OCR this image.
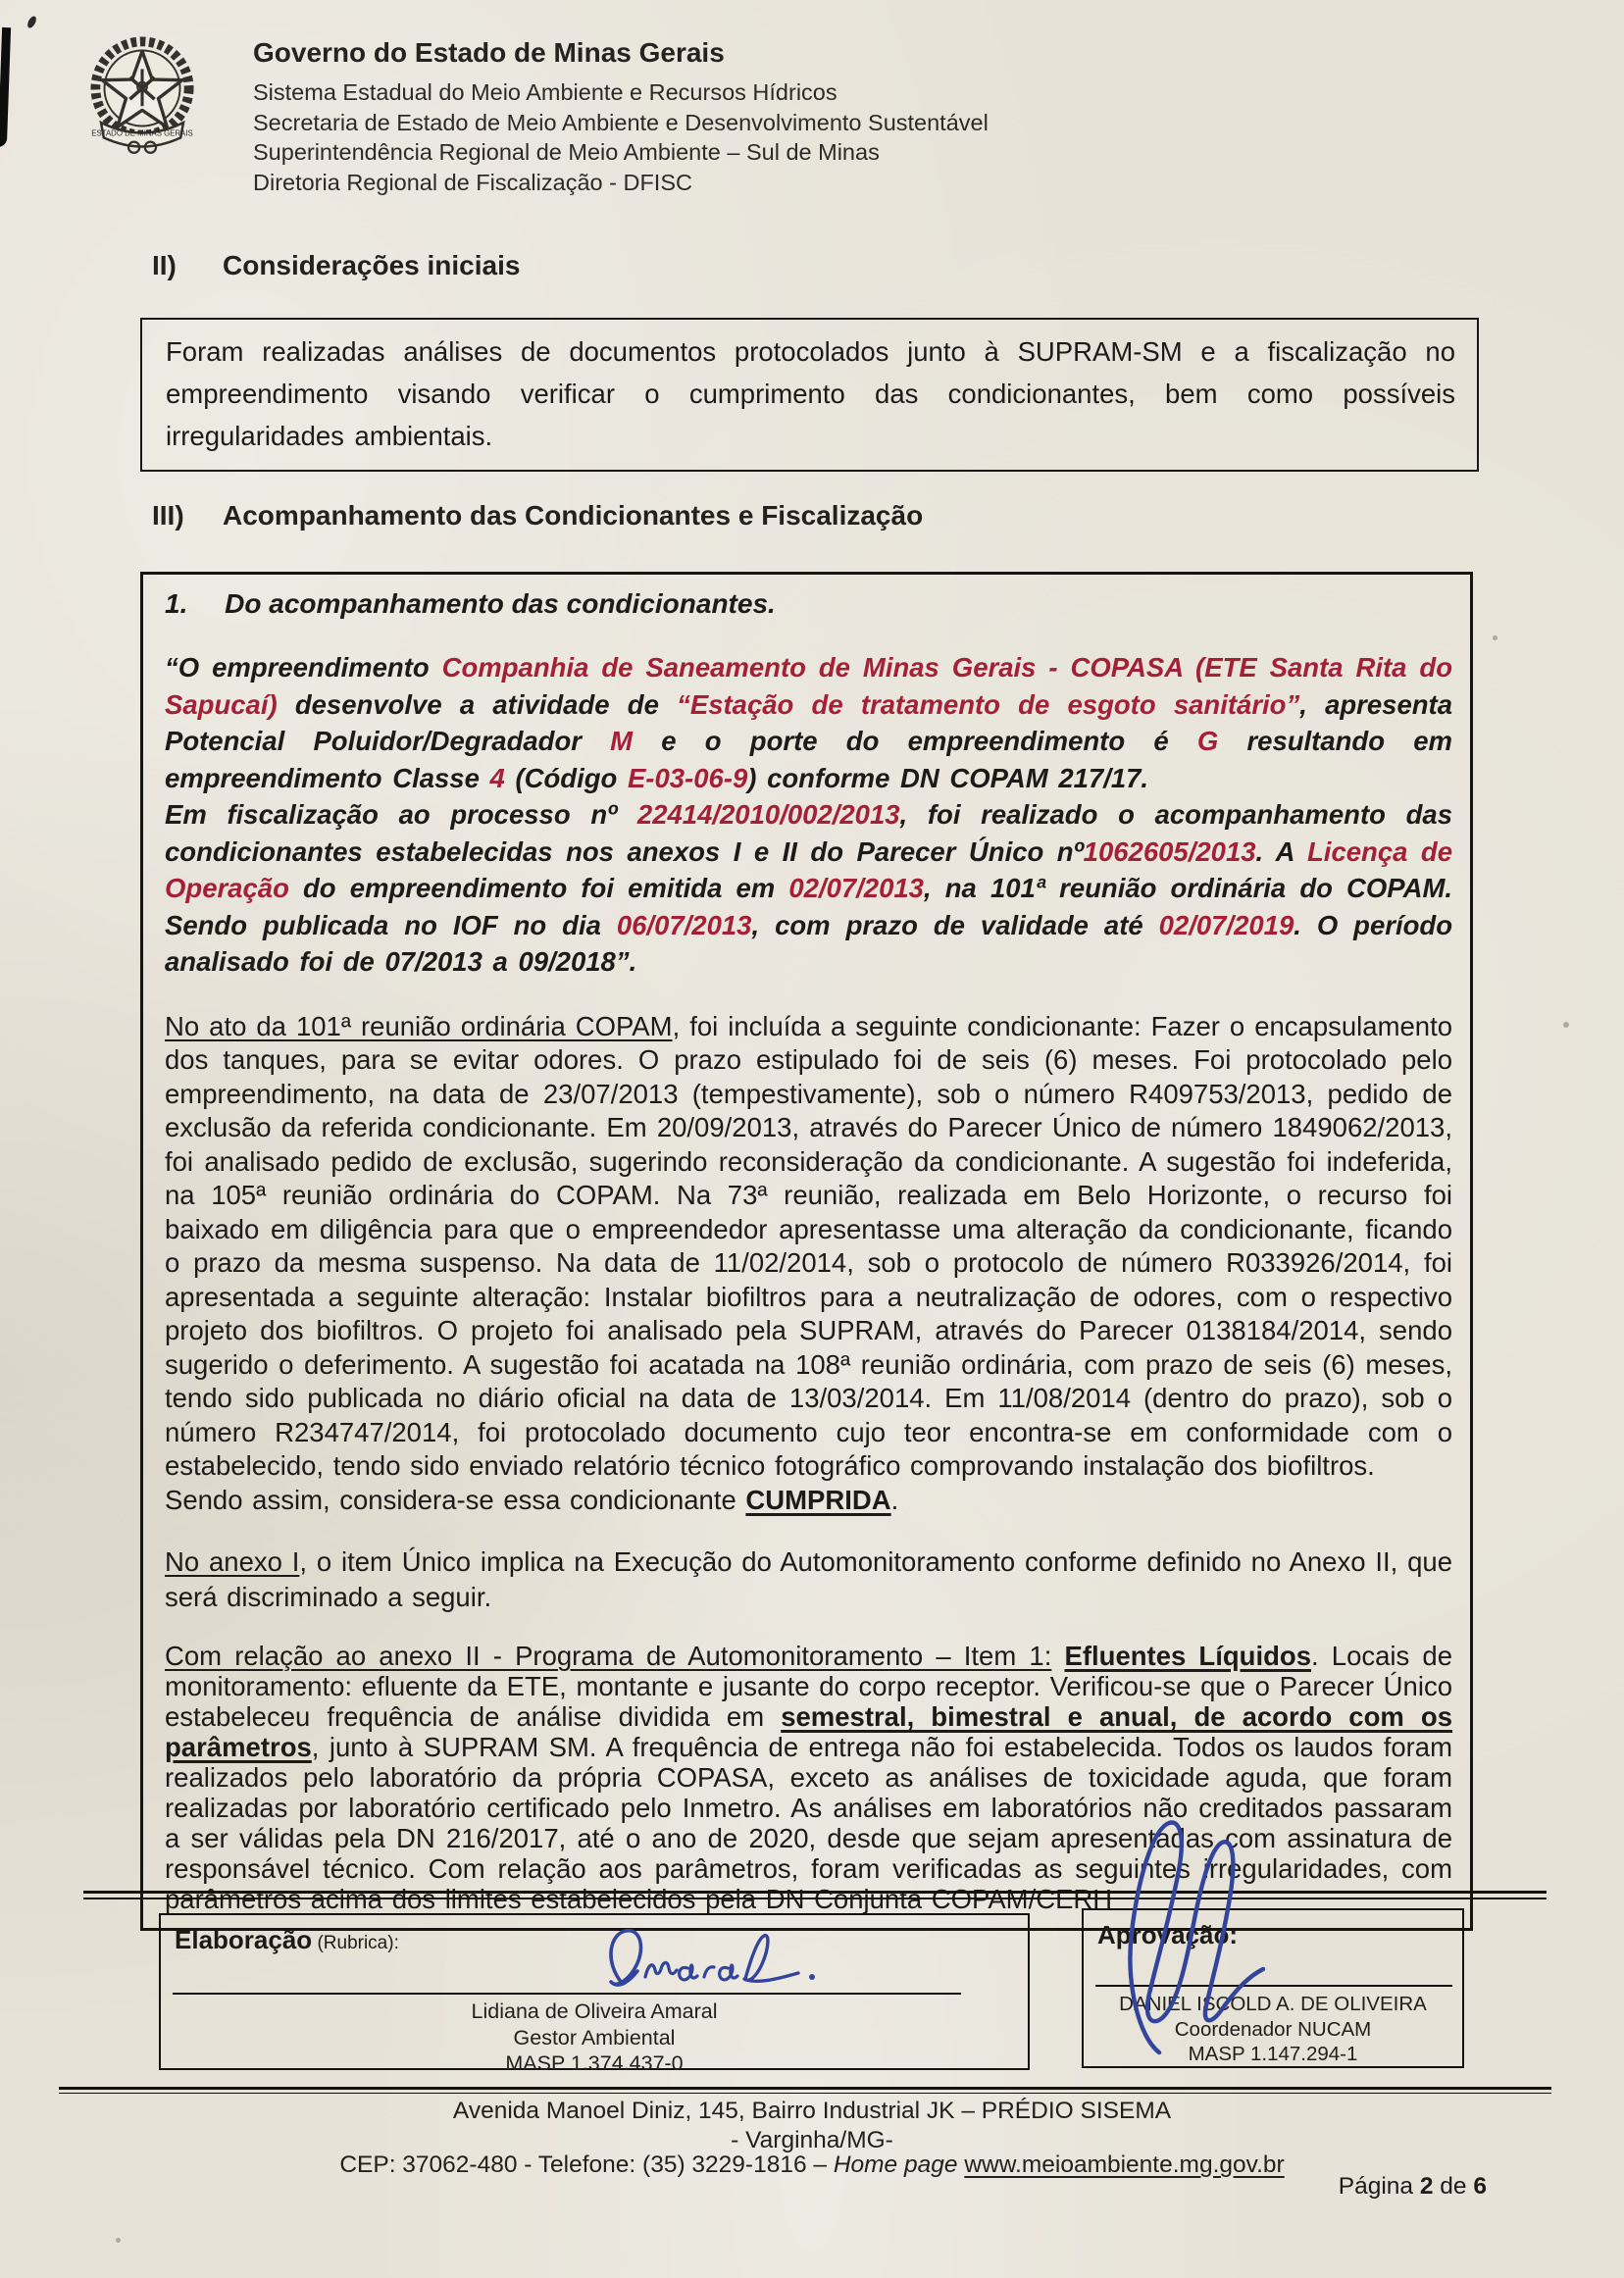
ESTADO DE MINAS GERAIS
Governo do Estado de Minas Gerais
Sistema Estadual do Meio Ambiente e Recursos Hídricos
Secretaria de Estado de Meio Ambiente e Desenvolvimento Sustentável
Superintendência Regional de Meio Ambiente – Sul de Minas
Diretoria Regional de Fiscalização - DFISC
II)	Considerações iniciais

Foram realizadas análises de documentos protocolados junto à SUPRAM-SM e a fiscalização no empreendimento visando verificar o cumprimento das condicionantes, bem como possíveis irregularidades ambientais.

III)	Acompanhamento das Condicionantes e Fiscalização

1. Do acompanhamento das condicionantes.

“O empreendimento Companhia de Saneamento de Minas Gerais - COPASA (ETE Santa Rita do Sapucaí) desenvolve a atividade de “Estação de tratamento de esgoto sanitário”, apresenta Potencial Poluidor/Degradador M e o porte do empreendimento é G resultando em empreendimento Classe 4 (Código E-03-06-9) conforme DN COPAM 217/17.

Em fiscalização ao processo nº 22414/2010/002/2013, foi realizado o acompanhamento das condicionantes estabelecidas nos anexos I e II do Parecer Único nº1062605/2013. A Licença de Operação do empreendimento foi emitida em 02/07/2013, na 101ª reunião ordinária do COPAM. Sendo publicada no IOF no dia 06/07/2013, com prazo de validade até 02/07/2019. O período analisado foi de 07/2013 a 09/2018”.

No ato da 101ª reunião ordinária COPAM, foi incluída a seguinte condicionante: Fazer o encapsulamento dos tanques, para se evitar odores. O prazo estipulado foi de seis (6) meses. Foi protocolado pelo empreendimento, na data de 23/07/2013 (tempestivamente), sob o número R409753/2013, pedido de exclusão da referida condicionante. Em 20/09/2013, através do Parecer Único de número 1849062/2013, foi analisado pedido de exclusão, sugerindo reconsideração da condicionante. A sugestão foi indeferida, na 105ª reunião ordinária do COPAM. Na 73ª reunião, realizada em Belo Horizonte, o recurso foi baixado em diligência para que o empreendedor apresentasse uma alteração da condicionante, ficando o prazo da mesma suspenso. Na data de 11/02/2014, sob o protocolo de número R033926/2014, foi apresentada a seguinte alteração: Instalar biofiltros para a neutralização de odores, com o respectivo projeto dos biofiltros. O projeto foi analisado pela SUPRAM, através do Parecer 0138184/2014, sendo sugerido o deferimento. A sugestão foi acatada na 108ª reunião ordinária, com prazo de seis (6) meses, tendo sido publicada no diário oficial na data de 13/03/2014. Em 11/08/2014 (dentro do prazo), sob o número R234747/2014, foi protocolado documento cujo teor encontra-se em conformidade com o estabelecido, tendo sido enviado relatório técnico fotográfico comprovando instalação dos biofiltros.

Sendo assim, considera-se essa condicionante CUMPRIDA.

No anexo I, o item Único implica na Execução do Automonitoramento conforme definido no Anexo II, que será discriminado a seguir.

Com relação ao anexo II - Programa de Automonitoramento – Item 1: Efluentes Líquidos. Locais de monitoramento: efluente da ETE, montante e jusante do corpo receptor. Verificou-se que o Parecer Único estabeleceu frequência de análise dividida em semestral, bimestral e anual, de acordo com os parâmetros, junto à SUPRAM SM. A frequência de entrega não foi estabelecida. Todos os laudos foram realizados pelo laboratório da própria COPASA, exceto as análises de toxicidade aguda, que foram realizadas por laboratório certificado pelo Inmetro. As análises em laboratórios não creditados passaram a ser válidas pela DN 216/2017, até o ano de 2020, desde que sejam apresentadas com assinatura de responsável técnico. Com relação aos parâmetros, foram verificadas as seguintes irregularidades, com parâmetros acima dos limites estabelecidos pela DN Conjunta COPAM/CERH

Elaboração (Rubrica):
Lidiana de Oliveira Amaral
Gestor Ambiental
MASP 1.374.437-0
Aprovação:
DANIEL ISCOLD A. DE OLIVEIRA
Coordenador NUCAM
MASP 1.147.294-1
Avenida Manoel Diniz, 145, Bairro Industrial JK – PRÉDIO SISEMA
- Varginha/MG-
CEP: 37062-480 - Telefone: (35) 3229-1816 – Home page www.meioambiente.mg.gov.br
Página 2 de 6
